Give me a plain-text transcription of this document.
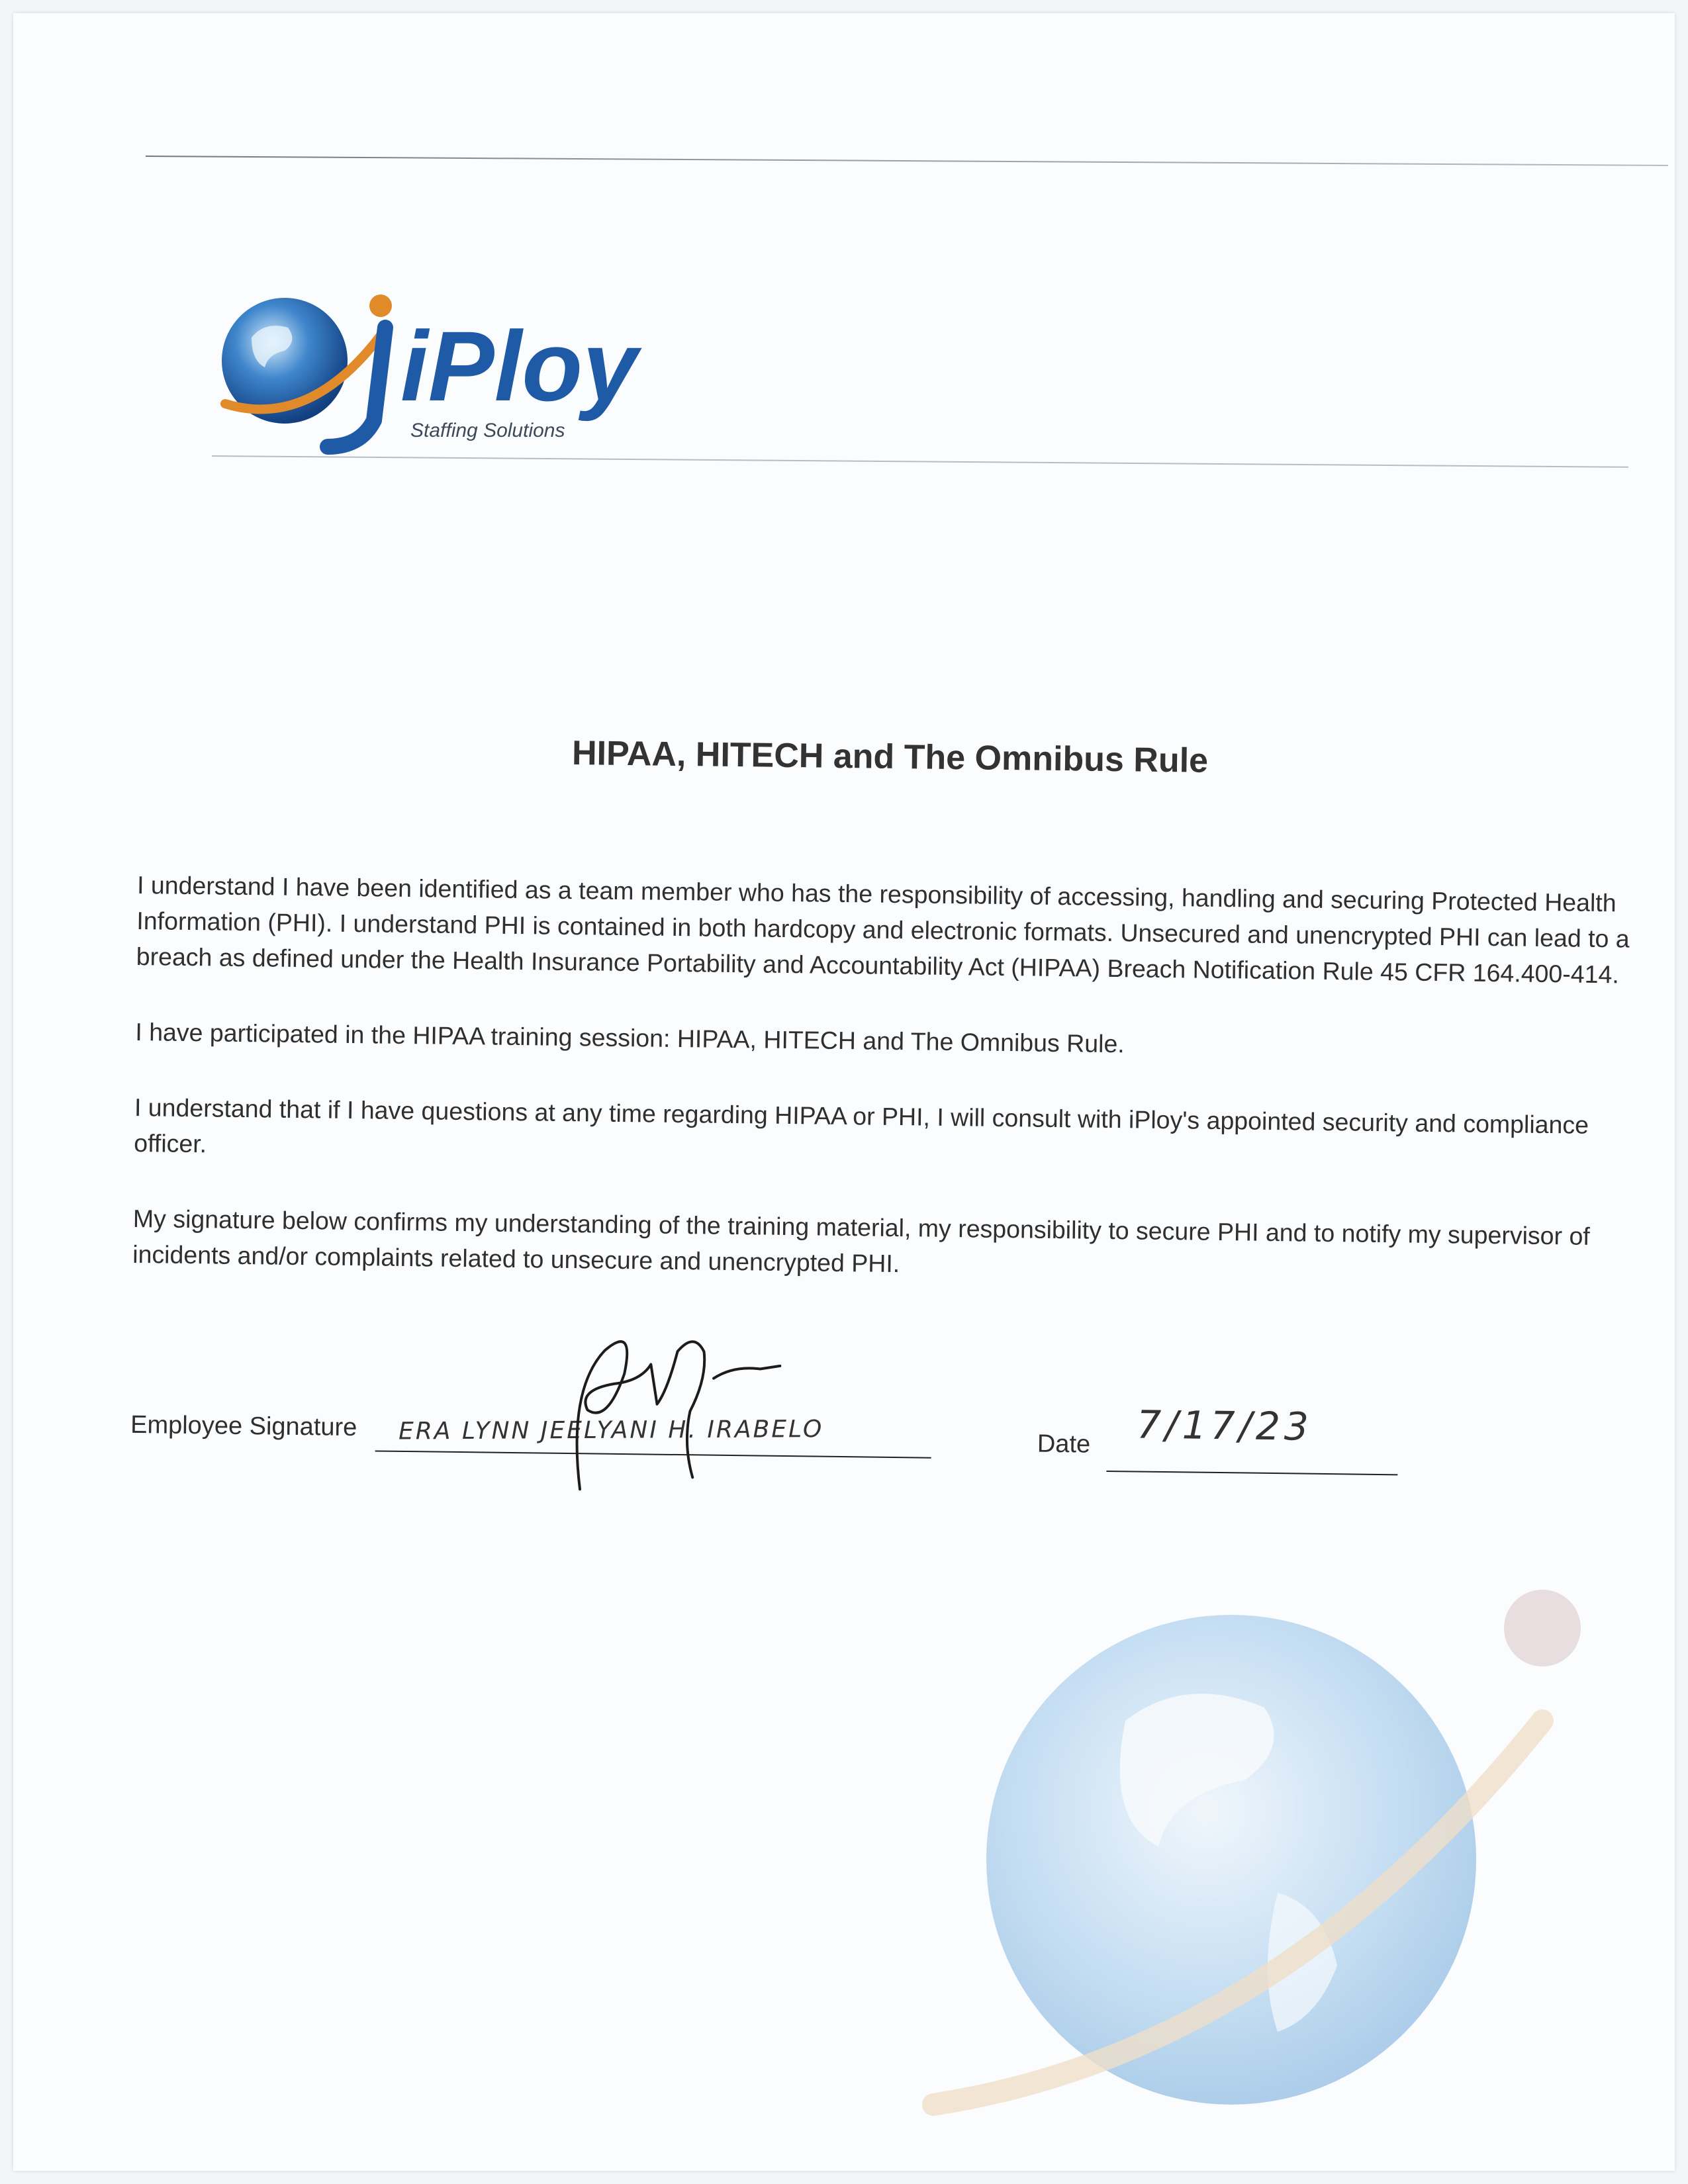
iPloy
Staffing Solutions
HIPAA, HITECH and The Omnibus Rule

I understand I have been identified as a team member who has the responsibility of accessing, handling and securing Protected Health Information (PHI). I understand PHI is contained in both hardcopy and electronic formats. Unsecured and unencrypted PHI can lead to a breach as defined under the Health Insurance Portability and Accountability Act (HIPAA) Breach Notification Rule 45 CFR 164.400-414.

I have participated in the HIPAA training session: HIPAA, HITECH and The Omnibus Rule.

I understand that if I have questions at any time regarding HIPAA or PHI, I will consult with iPloy's appointed security and compliance officer.

My signature below confirms my understanding of the training material, my responsibility to secure PHI and to notify my supervisor of incidents and/or complaints related to unsecure and unencrypted PHI.

Employee Signature ERA LYNN JEELYANI H. IRABELO	Date 7/17/23
